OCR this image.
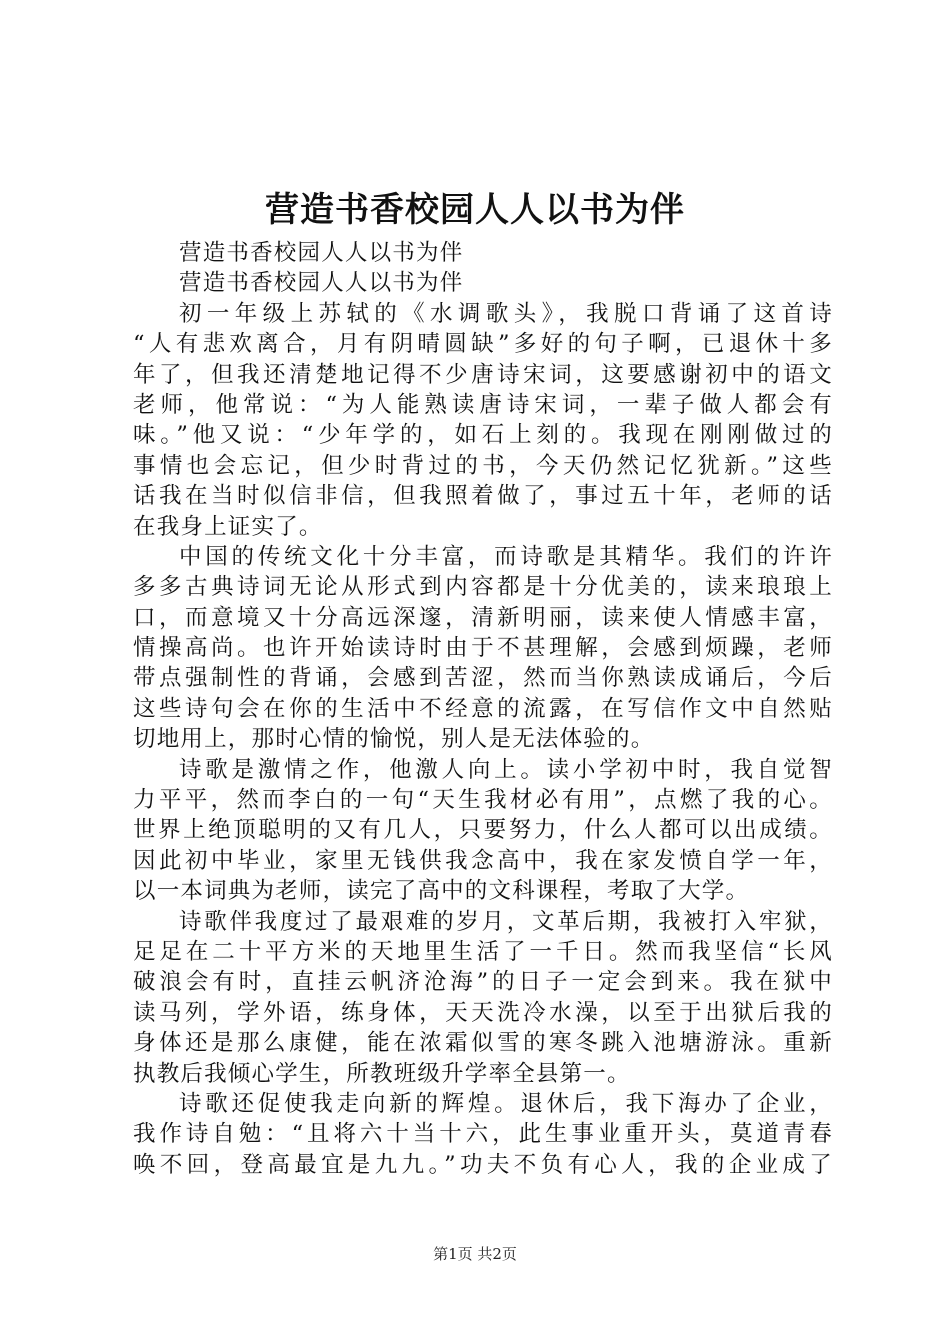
营造书香校园人人以书为伴
营造书香校园人人以书为伴
营造书香校园人人以书为伴
初一年级上苏轼的《水调歌头》，我脱口背诵了这首诗
“人有悲欢离合，月有阴晴圆缺”多好的句子啊，已退休十多
年了，但我还清楚地记得不少唐诗宋词，这要感谢初中的语文
老师，他常说：“为人能熟读唐诗宋词，一辈子做人都会有
味。”他又说：“少年学的，如石上刻的。我现在刚刚做过的
事情也会忘记，但少时背过的书，今天仍然记忆犹新。”这些
话我在当时似信非信，但我照着做了，事过五十年，老师的话
在我身上证实了。
中国的传统文化十分丰富，而诗歌是其精华。我们的许许
多多古典诗词无论从形式到内容都是十分优美的，读来琅琅上
口，而意境又十分高远深邃，清新明丽，读来使人情感丰富，
情操高尚。也许开始读诗时由于不甚理解，会感到烦躁，老师
带点强制性的背诵，会感到苦涩，然而当你熟读成诵后，今后
这些诗句会在你的生活中不经意的流露，在写信作文中自然贴
切地用上，那时心情的愉悦，别人是无法体验的。
诗歌是激情之作，他激人向上。读小学初中时，我自觉智
力平平，然而李白的一句“天生我材必有用”，点燃了我的心。
世界上绝顶聪明的又有几人，只要努力，什么人都可以出成绩。
因此初中毕业，家里无钱供我念高中，我在家发愤自学一年，
以一本词典为老师，读完了高中的文科课程，考取了大学。
诗歌伴我度过了最艰难的岁月，文革后期，我被打入牢狱，
足足在二十平方米的天地里生活了一千日。然而我坚信“长风
破浪会有时，直挂云帆济沧海”的日子一定会到来。我在狱中
读马列，学外语，练身体，天天洗冷水澡，以至于出狱后我的
身体还是那么康健，能在浓霜似雪的寒冬跳入池塘游泳。重新
执教后我倾心学生，所教班级升学率全县第一。
诗歌还促使我走向新的辉煌。退休后，我下海办了企业，
我作诗自勉：“且将六十当十六，此生事业重开头，莫道青春
唤不回，登高最宜是九九。”功夫不负有心人，我的企业成了
第1页 共2页
